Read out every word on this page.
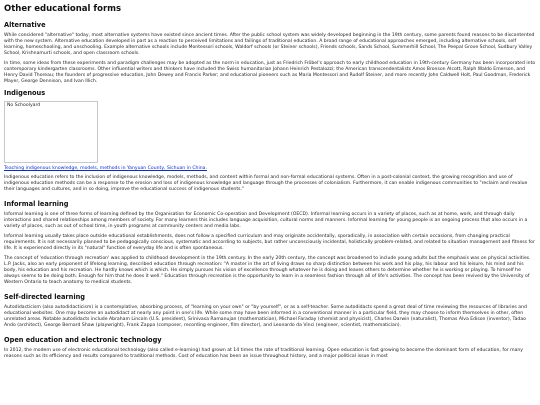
Other educational forms
Alternative

While considered "alternative" today, most alternative systems have existed since ancient times. After the public school system was widely developed beginning in the 19th century, some parents found reasons to be discontented with the new system. Alternative education developed in part as a reaction to perceived limitations and failings of traditional education. A broad range of educational approaches emerged, including alternative schools, self learning, homeschooling, and unschooling. Example alternative schools include Montessori schools, Waldorf schools (or Steiner schools), Friends schools, Sands School, Summerhill School, The Peepal Grove School, Sudbury Valley School, Krishnamurti schools, and open classroom schools.

In time, some ideas from these experiments and paradigm challenges may be adopted as the norm in education, just as Friedrich Fröbel's approach to early childhood education in 19th-century Germany has been incorporated into contemporary kindergarten classrooms. Other influential writers and thinkers have included the Swiss humanitarian Johann Heinrich Pestalozzi; the American transcendentalists Amos Bronson Alcott, Ralph Waldo Emerson, and Henry David Thoreau; the founders of progressive education, John Dewey and Francis Parker; and educational pioneers such as Maria Montessori and Rudolf Steiner, and more recently John Caldwell Holt, Paul Goodman, Frederick Mayer, George Dennison, and Ivan Illich.

Indigenous
No Schoolyard

Teaching indigenous knowledge, models, methods in Yanyuan County, Sichuan in China.

Indigenous education refers to the inclusion of indigenous knowledge, models, methods, and content within formal and non-formal educational systems. Often in a post-colonial context, the growing recognition and use of indigenous education methods can be a response to the erosion and loss of indigenous knowledge and language through the processes of colonialism. Furthermore, it can enable indigenous communities to "reclaim and revalue their languages and cultures, and in so doing, improve the educational success of indigenous students."

Informal learning

Informal learning is one of three forms of learning defined by the Organisation for Economic Co-operation and Development (OECD). Informal learning occurs in a variety of places, such as at home, work, and through daily interactions and shared relationships among members of society. For many learners this includes language acquisition, cultural norms and manners. Informal learning for young people is an ongoing process that also occurs in a variety of places, such as out of school time, in youth programs at community centers and media labs.

Informal learning usually takes place outside educational establishments, does not follow a specified curriculum and may originate accidentally, sporadically, in association with certain occasions, from changing practical requirements. It is not necessarily planned to be pedagogically conscious, systematic and according to subjects, but rather unconsciously incidental, holistically problem-related, and related to situation management and fitness for life. It is experienced directly in its "natural" function of everyday life and is often spontaneous.

The concept of 'education through recreation' was applied to childhood development in the 19th century. In the early 20th century, the concept was broadened to include young adults but the emphasis was on physical activities. L.P. Jacks, also an early proponent of lifelong learning, described education through recreation: "A master in the art of living draws no sharp distinction between his work and his play, his labour and his leisure, his mind and his body, his education and his recreation. He hardly knows which is which. He simply pursues his vision of excellence through whatever he is doing and leaves others to determine whether he is working or playing. To himself he always seems to be doing both. Enough for him that he does it well." Education through recreation is the opportunity to learn in a seamless fashion through all of life's activities. The concept has been revived by the University of Western Ontario to teach anatomy to medical students.

Self-directed learning

Autodidacticism (also autodidacticism) is a contemplative, absorbing process, of "learning on your own" or "by yourself", or as a self-teacher. Some autodidacts spend a great deal of time reviewing the resources of libraries and educational websites. One may become an autodidact at nearly any point in one's life. While some may have been informed in a conventional manner in a particular field, they may choose to inform themselves in other, often unrelated areas. Notable autodidacts include Abraham Lincoln (U.S. president), Srinivasa Ramanujan (mathematician), Michael Faraday (chemist and physicist), Charles Darwin (naturalist), Thomas Alva Edison (inventor), Tadao Ando (architect), George Bernard Shaw (playwright), Frank Zappa (composer, recording engineer, film director), and Leonardo da Vinci (engineer, scientist, mathematician).

Open education and electronic technology

In 2012, the modern use of electronic educational technology (also called e-learning) had grown at 14 times the rate of traditional learning. Open education is fast growing to become the dominant form of education, for many reasons such as its efficiency and results compared to traditional methods. Cost of education has been an issue throughout history, and a major political issue in most
